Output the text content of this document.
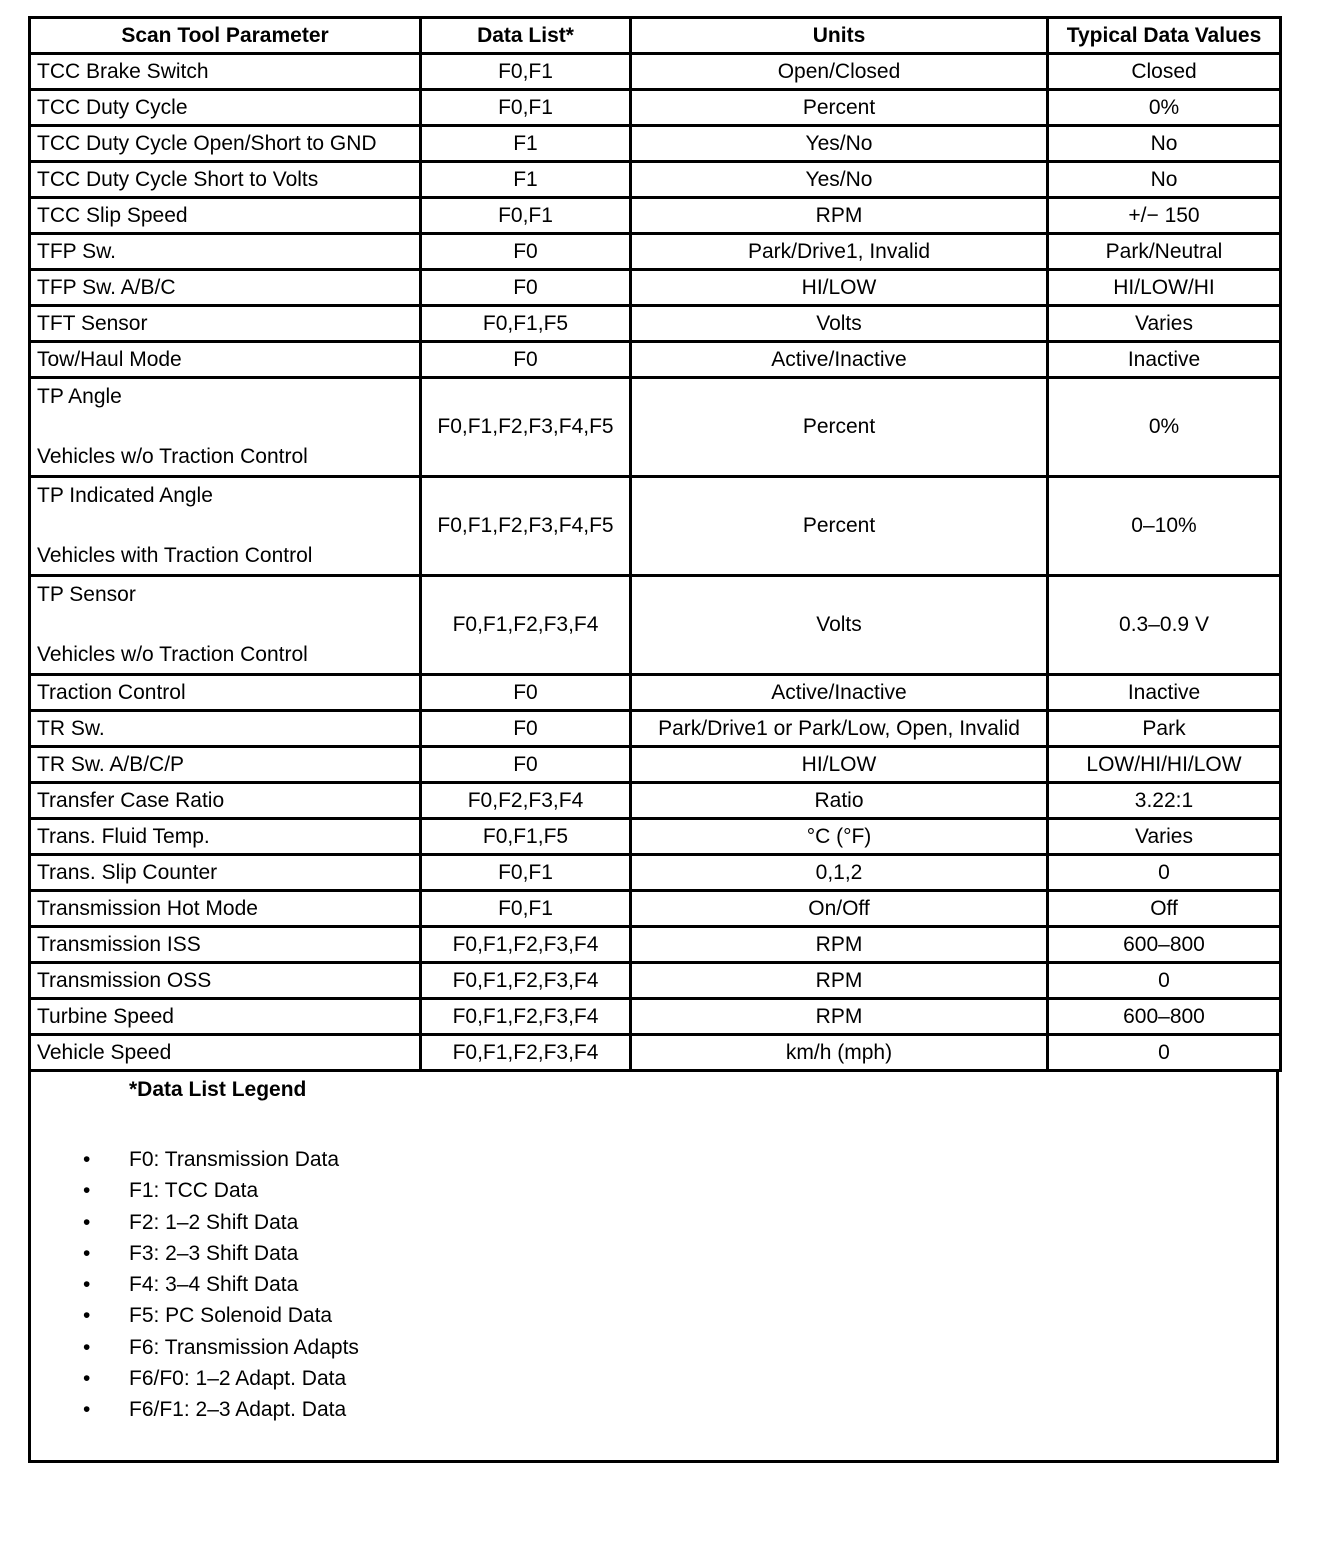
Scan Tool Parameter	Data List*	Units	Typical Data Values
TCC Brake Switch	F0,F1	Open/Closed	Closed
TCC Duty Cycle	F0,F1	Percent	0%
TCC Duty Cycle Open/Short to GND	F1	Yes/No	No
TCC Duty Cycle Short to Volts	F1	Yes/No	No
TCC Slip Speed	F0,F1	RPM	+/− 150
TFP Sw.	F0	Park/Drive1, Invalid	Park/Neutral
TFP Sw. A/B/C	F0	HI/LOW	HI/LOW/HI
TFT Sensor	F0,F1,F5	Volts	Varies
Tow/Haul Mode	F0	Active/Inactive	Inactive

TP Angle
Vehicles w/o Traction Control	F0,F1,F2,F3,F4,F5	Percent	0%

TP Indicated Angle
Vehicles with Traction Control	F0,F1,F2,F3,F4,F5	Percent	0–10%

TP Sensor
Vehicles w/o Traction Control	F0,F1,F2,F3,F4	Volts	0.3–0.9 V
Traction Control	F0	Active/Inactive	Inactive
TR Sw.	F0	Park/Drive1 or Park/Low, Open, Invalid	Park
TR Sw. A/B/C/P	F0	HI/LOW	LOW/HI/HI/LOW
Transfer Case Ratio	F0,F2,F3,F4	Ratio	3.22:1
Trans. Fluid Temp.	F0,F1,F5	°C (°F)	Varies
Trans. Slip Counter	F0,F1	0,1,2	0
Transmission Hot Mode	F0,F1	On/Off	Off
Transmission ISS	F0,F1,F2,F3,F4	RPM	600–800
Transmission OSS	F0,F1,F2,F3,F4	RPM	0
Turbine Speed	F0,F1,F2,F3,F4	RPM	600–800
Vehicle Speed	F0,F1,F2,F3,F4	km/h (mph)	0
*Data List Legend
• F0: Transmission Data
• F1: TCC Data
• F2: 1–2 Shift Data
• F3: 2–3 Shift Data
• F4: 3–4 Shift Data
• F5: PC Solenoid Data
• F6: Transmission Adapts
• F6/F0: 1–2 Adapt. Data
• F6/F1: 2–3 Adapt. Data
